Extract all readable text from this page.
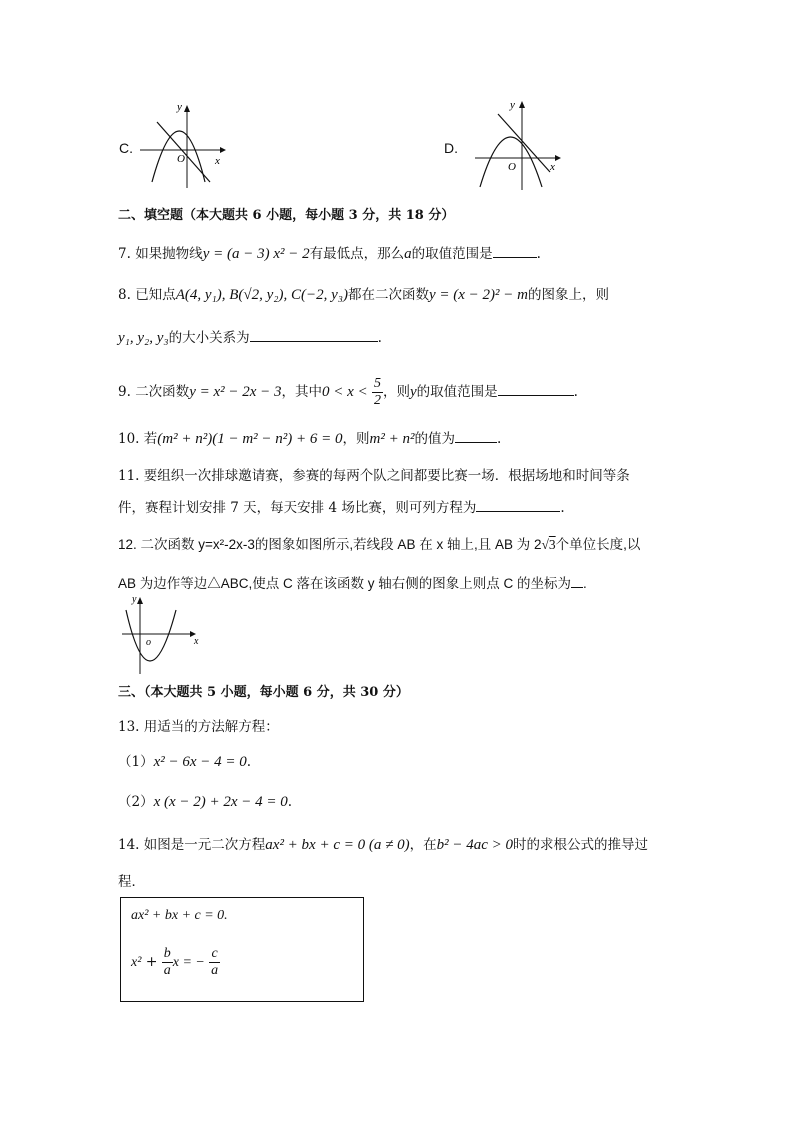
C.
y
x
O
D.
y
x
O
二、填空题（本大题共 6 小题，每小题 3 分，共 18 分）
7. 如果抛物线y = (a − 3) x² − 2有最低点，那么a的取值范围是	.
8. 已知点A(4, y₁), B(√2, y₂), C(−2, y₃)都在二次函数y = (x − 2)² − m的图象上，则
y₁, y₂, y₃的大小关系为	.
9. 二次函数y = x² − 2x − 3，其中$0 < x < \frac{5}{2}$ ，则y的取值范围是	.
10. 若(m² + n²)(1 − m² − n²) + 6 = 0，则m² + n²的值为	.
11. 要组织一次排球邀请赛，参赛的每两个队之间都要比赛一场．根据场地和时间等条
件，赛程计划安排 7 天，每天安排 4 场比赛，则可列方程为	.
12. 二次函数 y=x²-2x-3的图象如图所示,若线段 AB 在 x 轴上,且 AB 为 2√3个单位长度,以
AB 为边作等边△ABC,使点 C 落在该函数 y 轴右侧的图象上则点 C 的坐标为 .
y
x
o
三、（本大题共 5 小题，每小题 6 分，共 30 分）
13. 用适当的方法解方程：
（1）x² − 6x − 4 = 0.
（2）x (x − 2) + 2x − 4 = 0.
14. 如图是一元二次方程ax² + bx + c = 0 (a ≠ 0)，在b² − 4ac > 0时的求根公式的推导过
程．
ax² + bx + c = 0.
$x^2 + \frac{b}{a}$ x = − $\frac{c}{a}$
